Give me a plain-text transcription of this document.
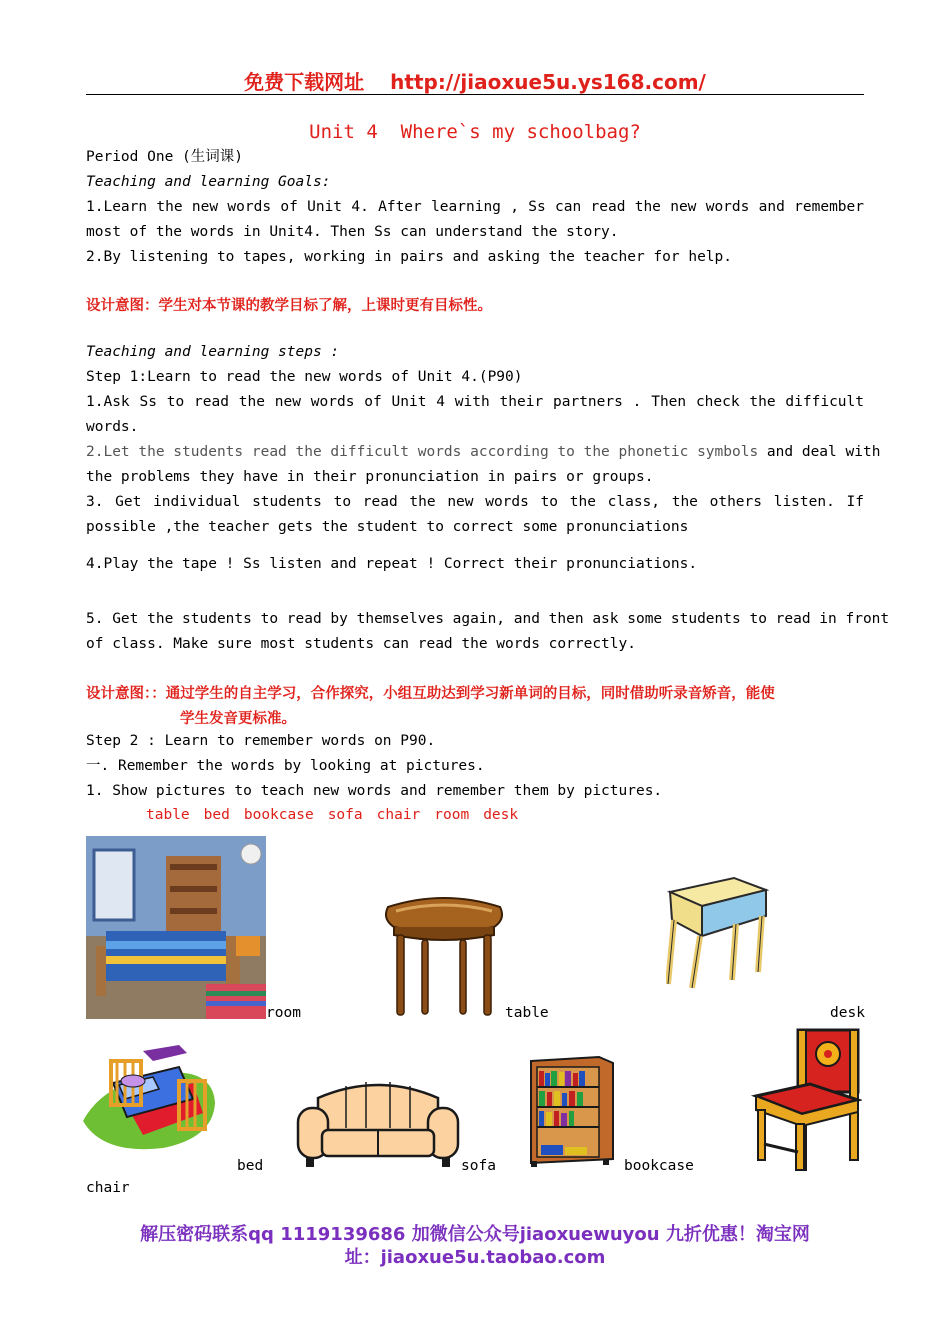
免费下载网址 http://jiaoxue5u.ys168.com/
Unit 4  Where`s my schoolbag?
Period One (生词课)
Teaching and learning Goals:
1.Learn the new words of Unit 4. After learning , Ss can read the new words and remember
most of the words in Unit4. Then Ss can understand the story.
2.By listening to tapes, working in pairs and asking the teacher for help.
设计意图：学生对本节课的教学目标了解，上课时更有目标性。
Teaching and learning steps :
Step 1:Learn to read the new words of Unit 4.(P90)
1.Ask Ss to read the new words of Unit 4 with their partners . Then check the difficult
words.
2.Let the students read the difficult words according to the phonetic symbols and deal with
the problems they have in their pronunciation in pairs or groups.
3. Get individual students to read the new words to the class, the others listen. If
possible ,the teacher gets the student to correct some pronunciations
4.Play the tape ! Ss listen and repeat ! Correct their pronunciations.
5. Get the students to read by themselves again, and then ask some students to read in front
of class. Make sure most students can read the words correctly.
设计意图：：通过学生的自主学习，合作探究，小组互助达到学习新单词的目标，同时借助听录音矫音，能使
学生发音更标准。
Step 2 : Learn to remember words on P90.
一. Remember the words by looking at pictures.
1. Show pictures to teach new words and remember them by pictures.
table bed bookcase sofa chair room desk
room	table	desk
bed	sofa	bookcase
chair
解压密码联系qq 1119139686 加微信公众号jiaoxuewuyou 九折优惠！淘宝网
址：jiaoxue5u.taobao.com
